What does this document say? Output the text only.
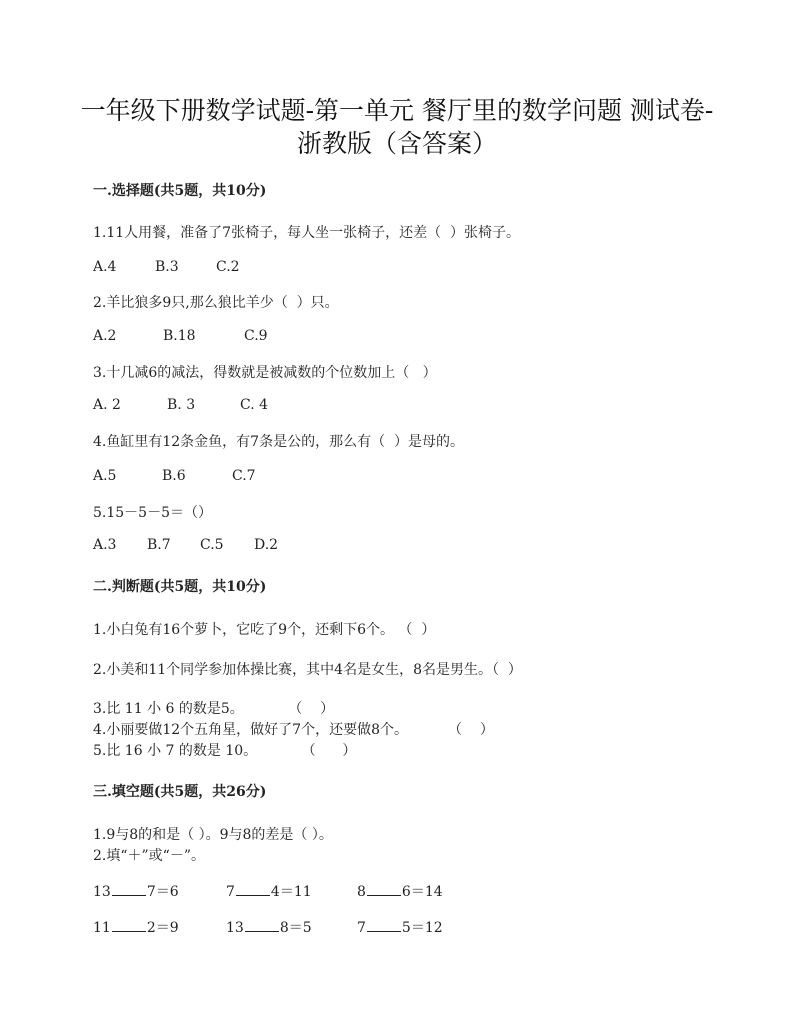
一年级下册数学试题-第一单元 餐厅里的数学问题 测试卷-
浙教版（含答案）
一.选择题(共5题，共10分)
1.11人用餐，准备了7张椅子，每人坐一张椅子，还差（  ）张椅子。
A.4	B.3	C.2
2.羊比狼多9只,那么狼比羊少（  ）只。
A.2	B.18	C.9
3.十几减6的减法，得数就是被减数的个位数加上（   ）
A. 2	B. 3	C. 4
4.鱼缸里有12条金鱼，有7条是公的，那么有（  ）是母的。
A.5	B.6	C.7
5.15－5－5＝（）
A.3 B.7 C.5 D.2
二.判断题(共5题，共10分)
1.小白兔有16个萝卜，它吃了9个，还剩下6个。 （  ）
2.小美和11个同学参加体操比赛，其中4名是女生，8名是男生。（  ）
3.比 11 小 6 的数是5。          （    ）
4.小丽要做12个五角星，做好了7个，还要做8个。         （    ）
5.比 16 小 7 的数是 10。          （      ）
三.填空题(共5题，共26分)
1.9与8的和是（ ）。9与8的差是（ ）。
2.填“＋”或“－”。
13	7＝6	7	4＝11	8	6＝14
11	2＝9	13	8＝5	7	5＝12
